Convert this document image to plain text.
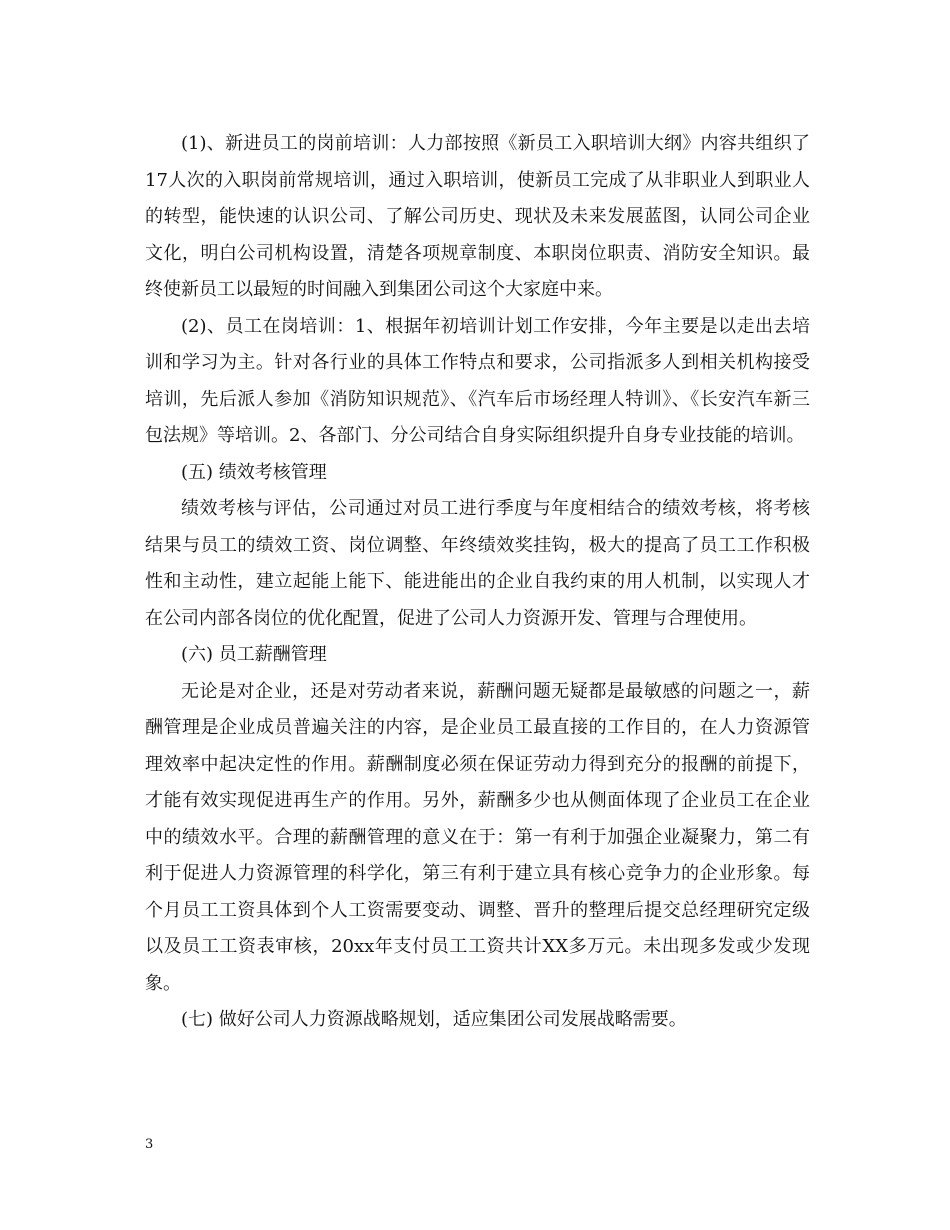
(1)、新进员工的岗前培训：人力部按照《新员工入职培训大纲》内容共组织了17人次的入职岗前常规培训，通过入职培训，使新员工完成了从非职业人到职业人的转型，能快速的认识公司、了解公司历史、现状及未来发展蓝图，认同公司企业文化，明白公司机构设置，清楚各项规章制度、本职岗位职责、消防安全知识。最终使新员工以最短的时间融入到集团公司这个大家庭中来。

(2)、员工在岗培训：1、根据年初培训计划工作安排，今年主要是以走出去培训和学习为主。针对各行业的具体工作特点和要求，公司指派多人到相关机构接受培训，先后派人参加《消防知识规范》、《汽车后市场经理人特训》、《长安汽车新三包法规》等培训。2、各部门、分公司结合自身实际组织提升自身专业技能的培训。

(五) 绩效考核管理

绩效考核与评估，公司通过对员工进行季度与年度相结合的绩效考核，将考核结果与员工的绩效工资、岗位调整、年终绩效奖挂钩，极大的提高了员工工作积极性和主动性，建立起能上能下、能进能出的企业自我约束的用人机制，以实现人才在公司内部各岗位的优化配置，促进了公司人力资源开发、管理与合理使用。

(六) 员工薪酬管理

无论是对企业，还是对劳动者来说，薪酬问题无疑都是最敏感的问题之一，薪酬管理是企业成员普遍关注的内容，是企业员工最直接的工作目的，在人力资源管理效率中起决定性的作用。薪酬制度必须在保证劳动力得到充分的报酬的前提下，才能有效实现促进再生产的作用。另外，薪酬多少也从侧面体现了企业员工在企业中的绩效水平。合理的薪酬管理的意义在于：第一有利于加强企业凝聚力，第二有利于促进人力资源管理的科学化，第三有利于建立具有核心竞争力的企业形象。每个月员工工资具体到个人工资需要变动、调整、晋升的整理后提交总经理研究定级以及员工工资表审核，20xx年支付员工工资共计XX多万元。未出现多发或少发现象。

(七) 做好公司人力资源战略规划，适应集团公司发展战略需要。

3
